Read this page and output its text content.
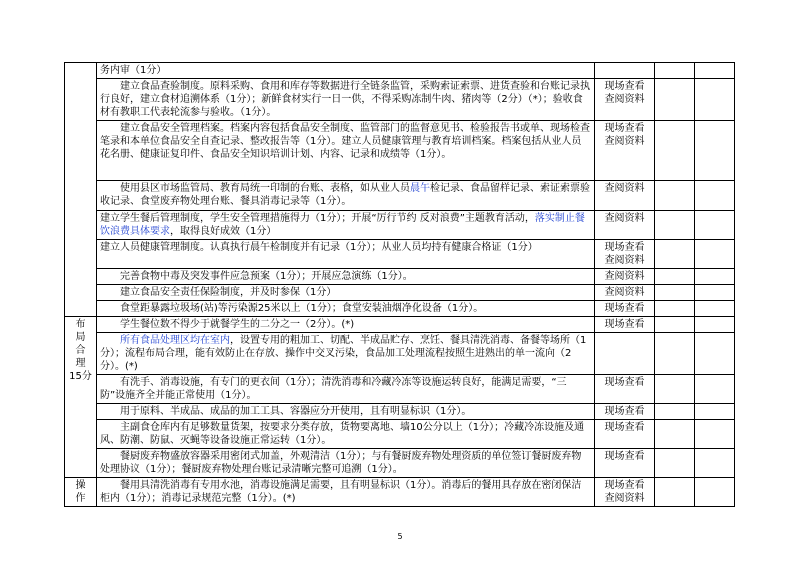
	务内审（1分）			
	建立食品查验制度。原料采购、食用和库存等数据进行全链条监管，采购索证索票、进货查验和台账记录执行良好，建立食材追溯体系（1分）；新鲜食材实行一日一供，不得采购冻制牛肉、猪肉等（2分）（*）；验收食材有教职工代表轮流参与验收。（1分）。	现场查看
查阅资料		
	建立食品安全管理档案。档案内容包括食品安全制度、监管部门的监督意见书、检验报告书或单、现场检查笔录和本单位食品安全自查记录、整改报告等（1分）。建立人员健康管理与教育培训档案。档案包括从业人员花名册、健康证复印件、食品安全知识培训计划、内容、记录和成绩等（1分）。	现场查看
查阅资料		
	使用县区市场监管局、教育局统一印制的台账、表格，如从业人员晨午检记录、食品留样记录、索证索票验收记录、食堂废弃物处理台账、餐具消毒记录等（1分）。	查阅资料		
	建立学生餐后管理制度，学生安全管理措施得力（1分）；开展“厉行节约 反对浪费”主题教育活动，落实制止餐饮浪费具体要求，取得良好成效（1分）	查阅资料		
	建立人员健康管理制度。认真执行晨午检制度并有记录（1分）；从业人员均持有健康合格证（1分）	现场查看
查阅资料		
	完善食物中毒及突发事件应急预案（1分）；开展应急演练（1分）。	查阅资料		
	建立食品安全责任保险制度，并及时参保（1分）	查阅资料		
	食堂距暴露垃圾场(站)等污染源25米以上（1分）；食堂安装油烟净化设备（1分）。	现场查看		
布
局
合
理
15分	学生餐位数不得少于就餐学生的二分之一（2分）。(*)	现场查看		
	所有食品处理区均在室内，设置专用的粗加工、切配、半成品贮存、烹饪、餐具清洗消毒、备餐等场所（1分）；流程布局合理，能有效防止在存放、操作中交叉污染，食品加工处理流程按照生进熟出的单一流向（2分）。(*)			
	有洗手、消毒设施，有专门的更衣间（1分）；清洗消毒和冷藏冷冻等设施运转良好，能满足需要，“三防”设施齐全并能正常使用（1分）。	现场查看		
	用于原料、半成品、成品的加工工具、容器应分开使用，且有明显标识（1分）。	现场查看		
	主副食仓库内有足够数量货架，按要求分类存放，货物要离地、墙10公分以上（1分）；冷藏冷冻设施及通风、防潮、防鼠、灭蝇等设备设施正常运转（1分）。	现场查看		
	餐厨废弃物盛放容器采用密闭式加盖，外观清洁（1分）；与有餐厨废弃物处理资质的单位签订餐厨废弃物处理协议（1分）；餐厨废弃物处理台账记录清晰完整可追溯（1分）。	现场查看		
操
作	餐用具清洗消毒有专用水池，消毒设施满足需要，且有明显标识（1分）。消毒后的餐用具存放在密闭保洁柜内（1分）；消毒记录规范完整（1分）。(*)	现场查看
查阅资料		
5
